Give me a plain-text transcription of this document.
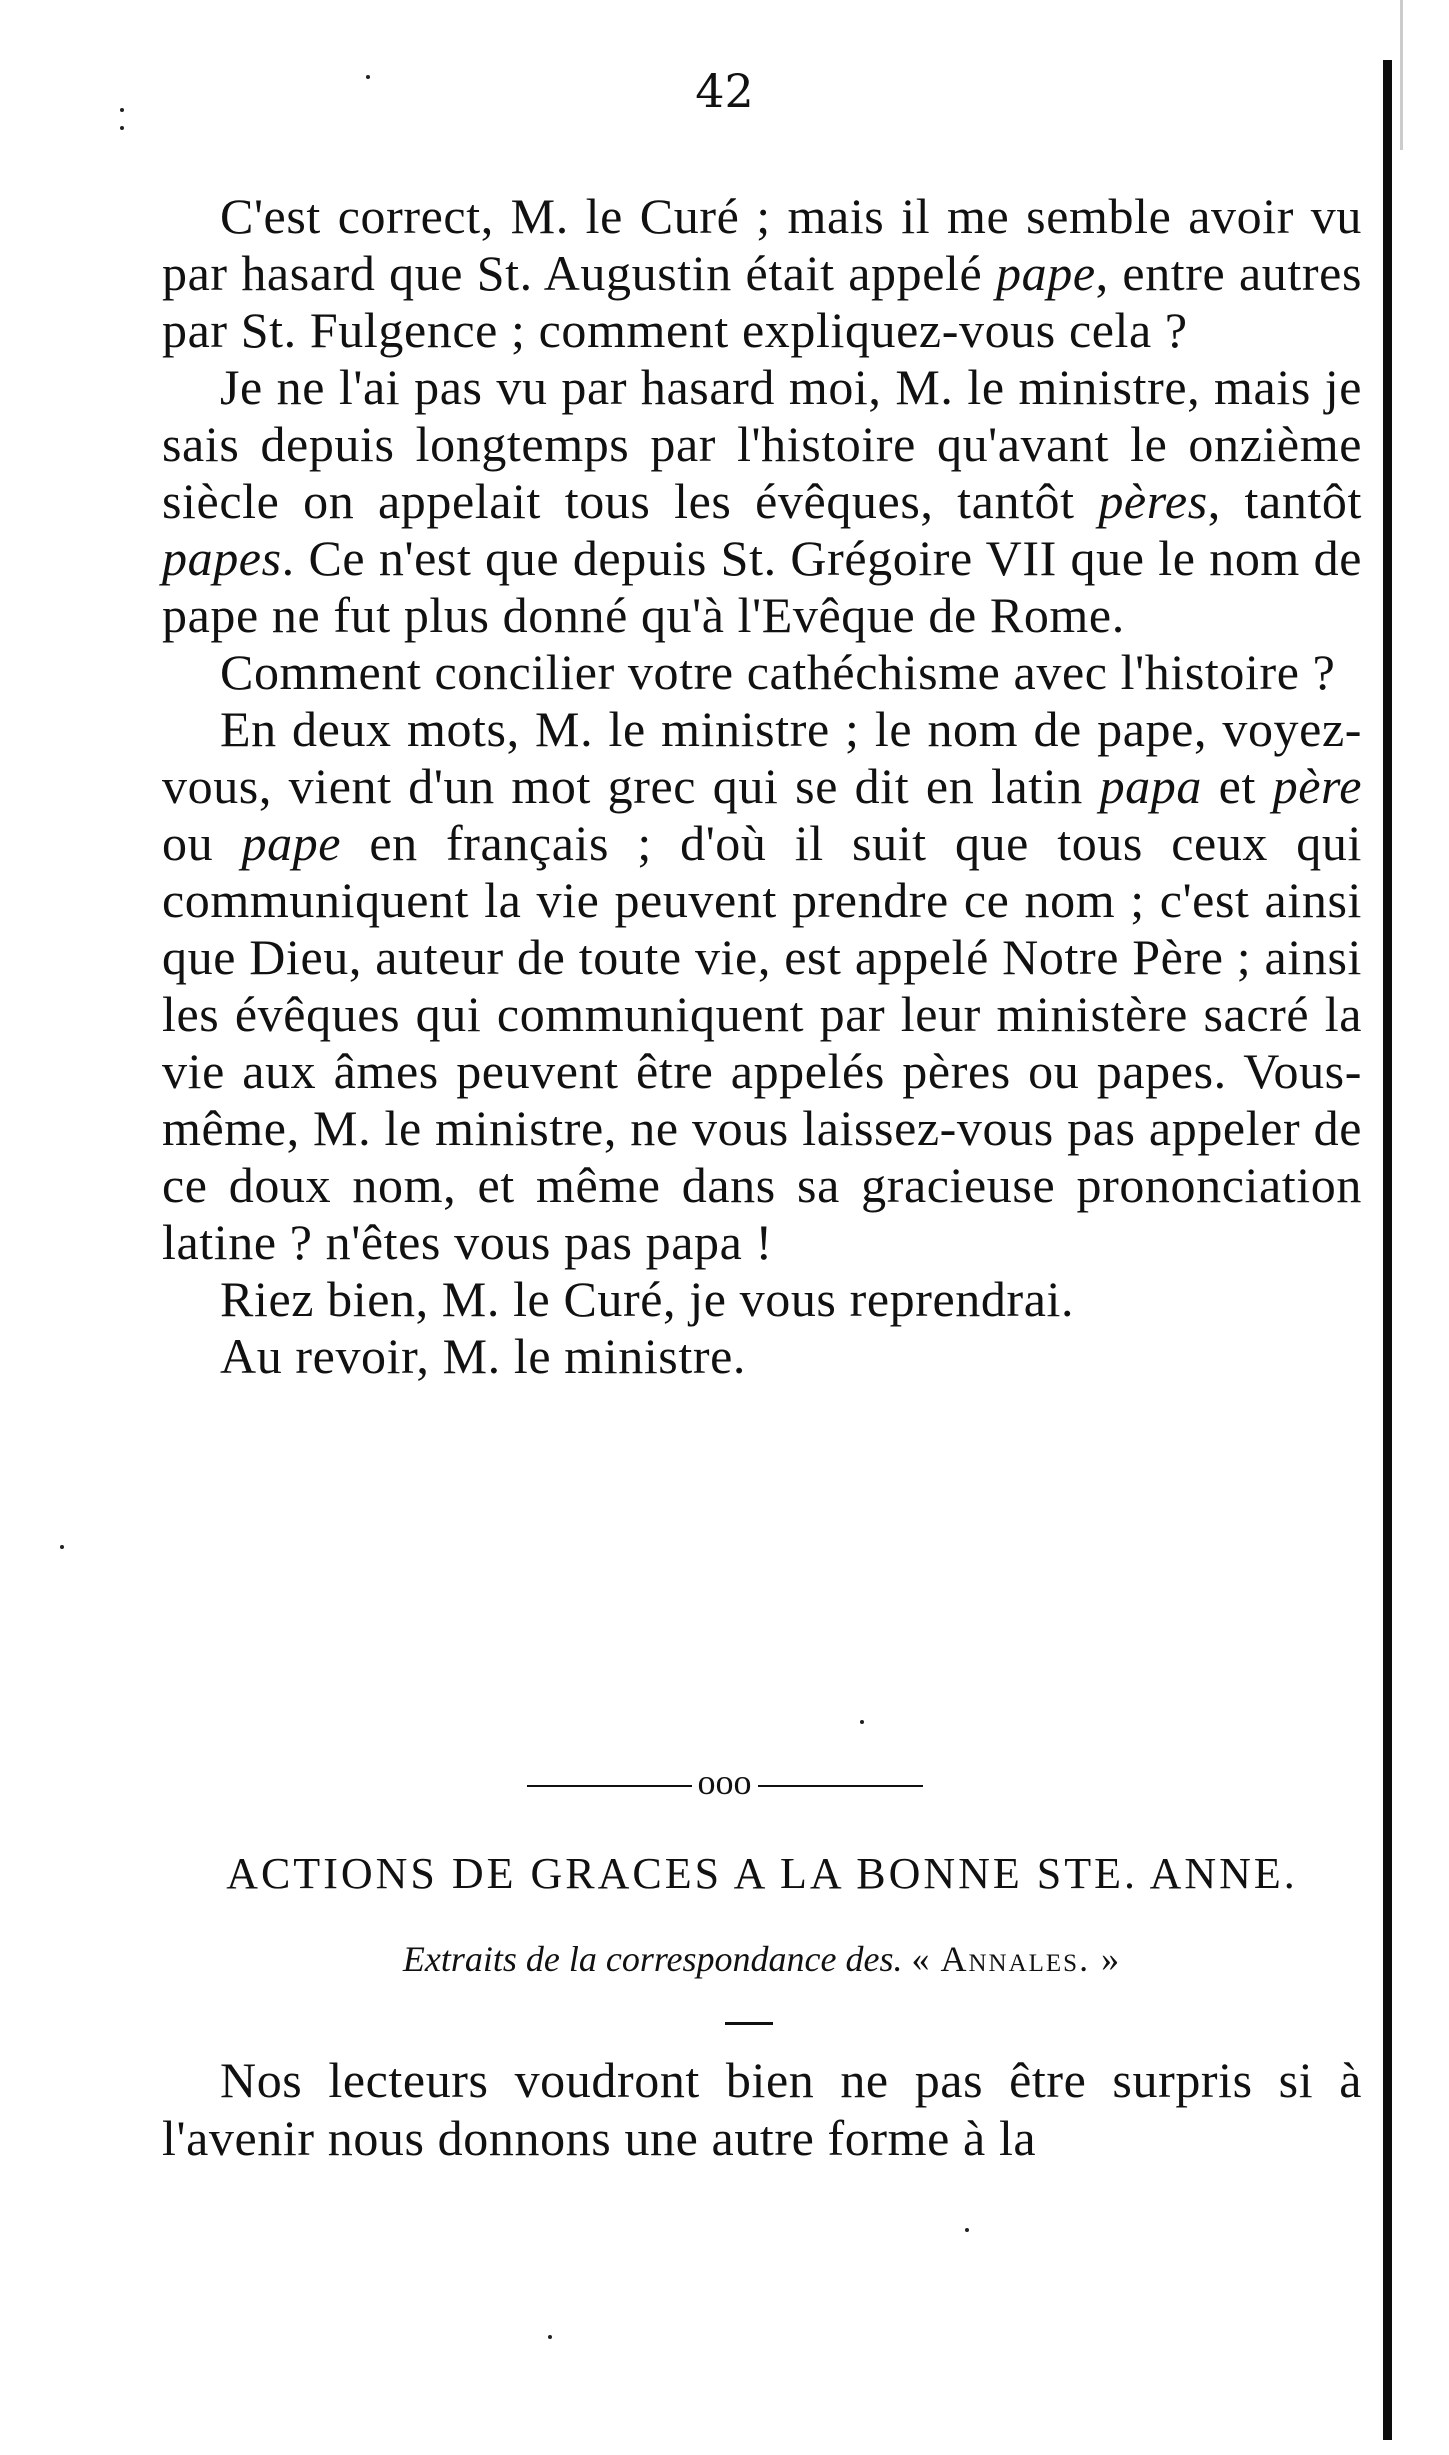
42

C'est correct, M. le Curé ; mais il me semble avoir vu par hasard que St. Augustin était appelé pape, entre autres par St. Fulgence ; comment expliquez-vous cela ?

Je ne l'ai pas vu par hasard moi, M. le ministre, mais je sais depuis longtemps par l'histoire qu'avant le onzième siècle on appelait tous les évêques, tantôt pères, tantôt papes. Ce n'est que depuis St. Grégoire VII que le nom de pape ne fut plus donné qu'à l'Evêque de Rome.

Comment concilier votre cathéchisme avec l'histoire ?

En deux mots, M. le ministre ; le nom de pape, voyez-vous, vient d'un mot grec qui se dit en latin papa et père ou pape en français ; d'où il suit que tous ceux qui communiquent la vie peuvent prendre ce nom ; c'est ainsi que Dieu, auteur de toute vie, est appelé Notre Père ; ainsi les évêques qui communiquent par leur ministère sacré la vie aux âmes peuvent être appelés pères ou papes. Vous-même, M. le ministre, ne vous laissez-vous pas appeler de ce doux nom, et même dans sa gracieuse prononciation latine ? n'êtes vous pas papa !

Riez bien, M. le Curé, je vous reprendrai.

Au revoir, M. le ministre.

ooo
ACTIONS DE GRACES A LA BONNE STE. ANNE.
Extraits de la correspondance des. « Annales. »

Nos lecteurs voudront bien ne pas être surpris si à l'avenir nous donnons une autre forme à la
